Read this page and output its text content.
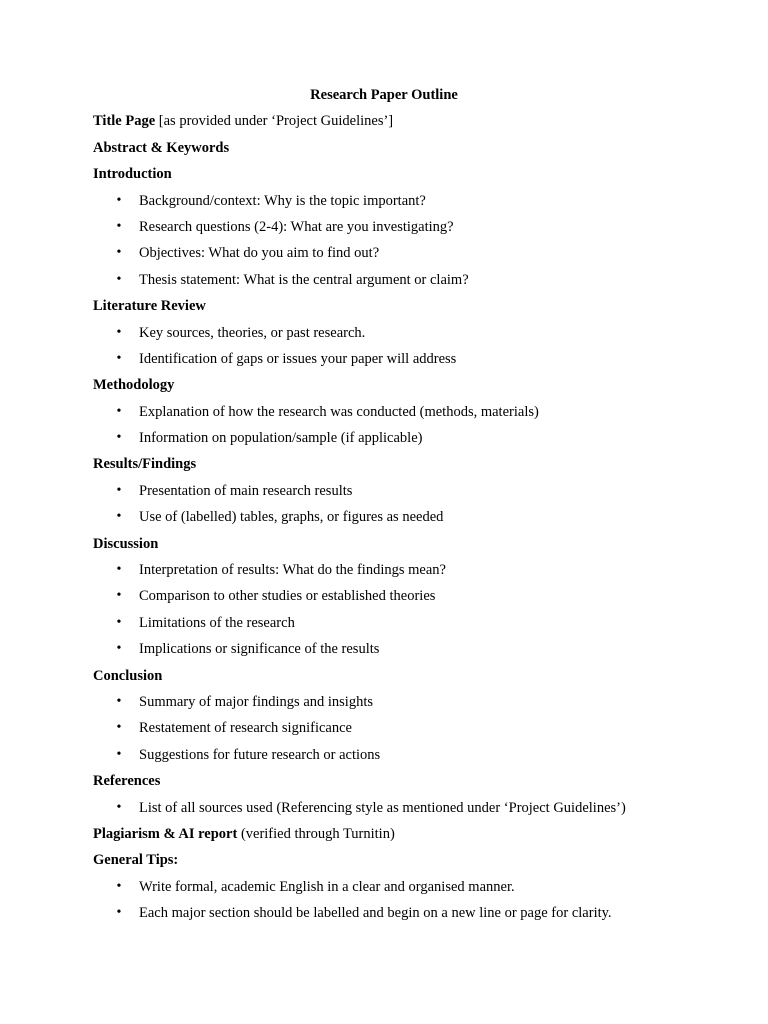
Research Paper Outline
Title Page [as provided under ‘Project Guidelines’]
Abstract & Keywords
Introduction
• Background/context: Why is the topic important?
• Research questions (2-4): What are you investigating?
• Objectives: What do you aim to find out?
• Thesis statement: What is the central argument or claim?
Literature Review
• Key sources, theories, or past research.
• Identification of gaps or issues your paper will address
Methodology
• Explanation of how the research was conducted (methods, materials)
• Information on population/sample (if applicable)
Results/Findings
• Presentation of main research results
• Use of (labelled) tables, graphs, or figures as needed
Discussion
• Interpretation of results: What do the findings mean?
• Comparison to other studies or established theories
• Limitations of the research
• Implications or significance of the results
Conclusion
• Summary of major findings and insights
• Restatement of research significance
• Suggestions for future research or actions
References
• List of all sources used (Referencing style as mentioned under ‘Project Guidelines’)
Plagiarism & AI report (verified through Turnitin)
General Tips:
• Write formal, academic English in a clear and organised manner.
• Each major section should be labelled and begin on a new line or page for clarity.
